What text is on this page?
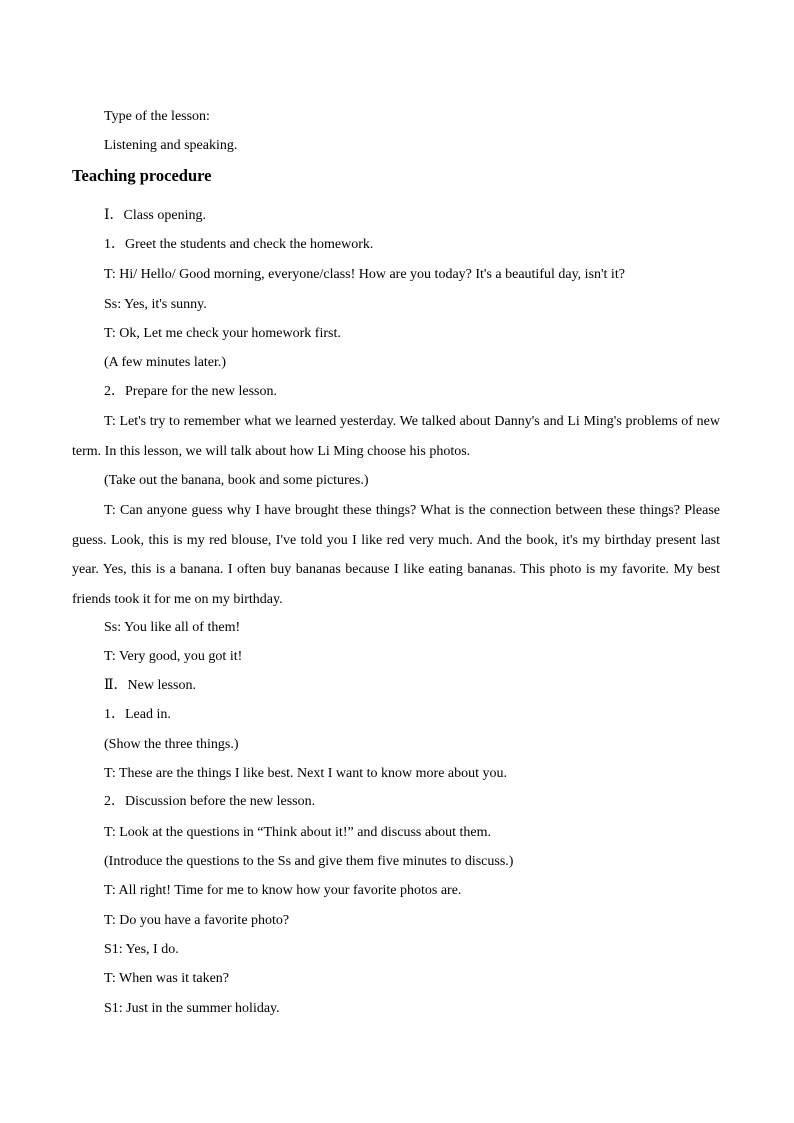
Type of the lesson:
Listening and speaking.
Teaching procedure
Ⅰ．Class opening.
1．Greet the students and check the homework.
T: Hi/ Hello/ Good morning, everyone/class! How are you today? It's a beautiful day, isn't it?
Ss: Yes, it's sunny.
T: Ok, Let me check your homework first.
(A few minutes later.)
2．Prepare for the new lesson.
T: Let's try to remember what we learned yesterday. We talked about Danny's and Li Ming's problems of new term. In this lesson, we will talk about how Li Ming choose his photos.
(Take out the banana, book and some pictures.)
T: Can anyone guess why I have brought these things? What is the connection between these things? Please guess. Look, this is my red blouse, I've told you I like red very much. And the book, it's my birthday present last year. Yes, this is a banana. I often buy bananas because I like eating bananas. This photo is my favorite. My best friends took it for me on my birthday.
Ss: You like all of them!
T: Very good, you got it!
Ⅱ．New lesson.
1．Lead in.
(Show the three things.)
T: These are the things I like best. Next I want to know more about you.
2．Discussion before the new lesson.
T: Look at the questions in “Think about it!” and discuss about them.
(Introduce the questions to the Ss and give them five minutes to discuss.)
T: All right! Time for me to know how your favorite photos are.
T: Do you have a favorite photo?
S1: Yes, I do.
T: When was it taken?
S1: Just in the summer holiday.
